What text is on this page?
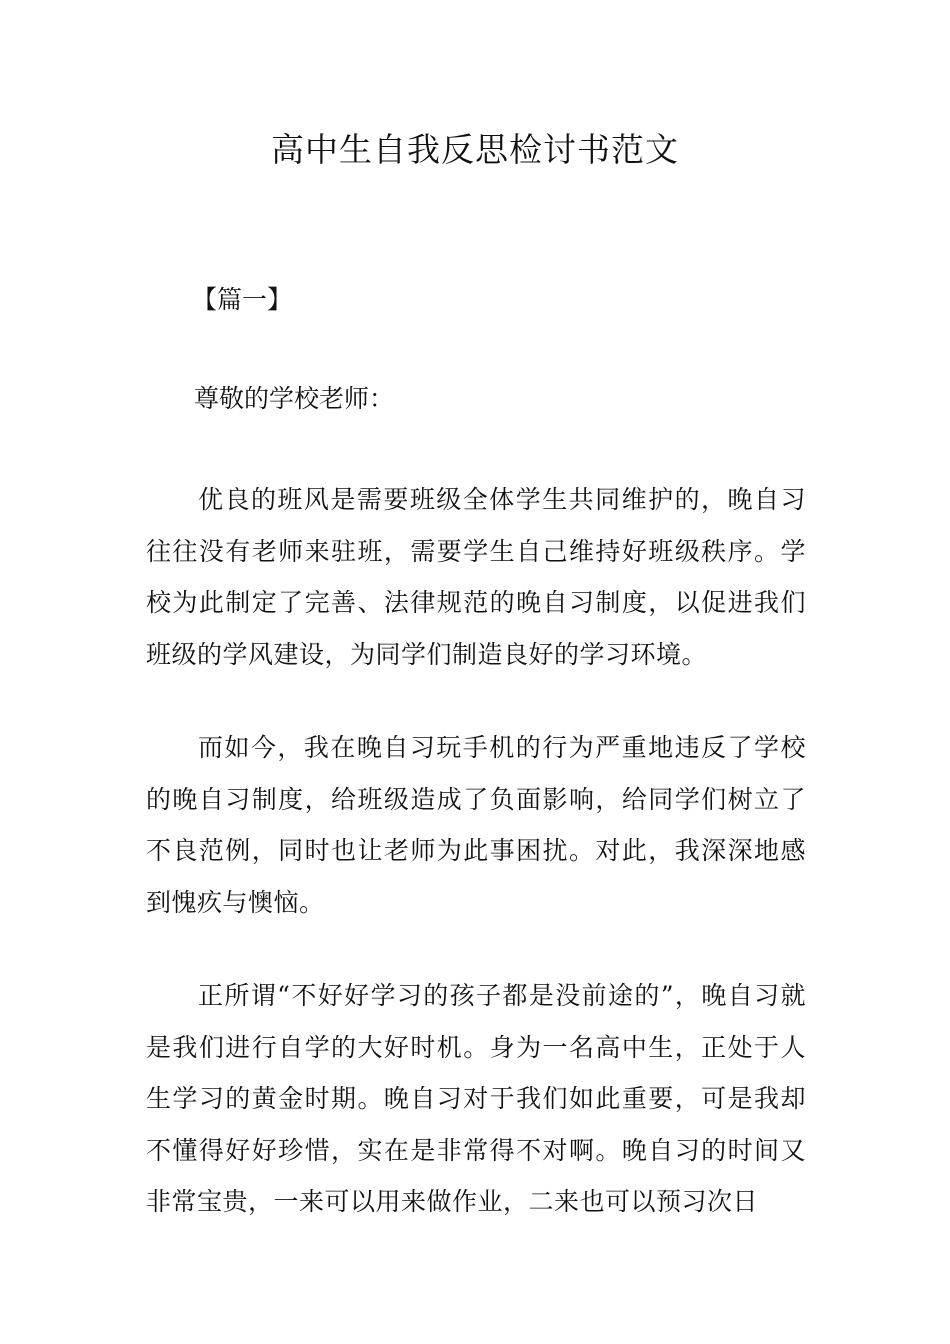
高中生自我反思检讨书范文
【篇一】
尊敬的学校老师：

优良的班风是需要班级全体学生共同维护的，晚自习往往没有老师来驻班，需要学生自己维持好班级秩序。学校为此制定了完善、法律规范的晚自习制度，以促进我们班级的学风建设，为同学们制造良好的学习环境。

而如今，我在晚自习玩手机的行为严重地违反了学校的晚自习制度，给班级造成了负面影响，给同学们树立了不良范例，同时也让老师为此事困扰。对此，我深深地感到愧疚与懊恼。

正所谓“不好好学习的孩子都是没前途的”，晚自习就是我们进行自学的大好时机。身为一名高中生，正处于人生学习的黄金时期。晚自习对于我们如此重要，可是我却不懂得好好珍惜，实在是非常得不对啊。晚自习的时间又非常宝贵，一来可以用来做作业，二来也可以预习次日
